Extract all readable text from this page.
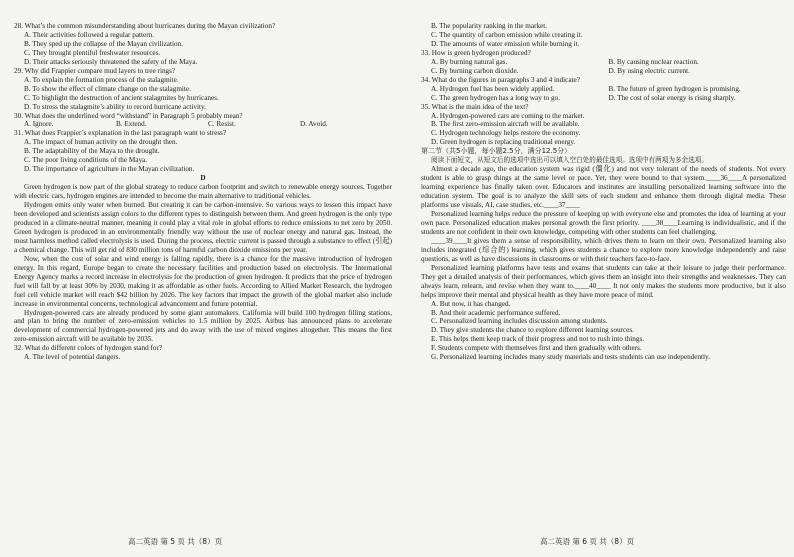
28. What’s the common misunderstanding about hurricanes during the Mayan civilization?
A. Their activities followed a regular pattern.
B. They sped up the collapse of the Mayan civilization.
C. They brought plentiful freshwater resources.
D. Their attacks seriously threatened the safety of the Maya.
29. Why did Frappier compare mud layers to tree rings?
A. To explain the formation process of the stalagmite.
B. To show the effect of climate change on the stalagmite.
C. To highlight the destruction of ancient stalagmites by hurricanes.
D. To stress the stalagmite’s ability to record hurricane activity.
30. What does the underlined word “withstand” in Paragraph 5 probably mean?
A. Ignore.	B. Extend.	C. Resist.	D. Avoid.
31. What does Frappier’s explanation in the last paragraph want to stress?
A. The impact of human activity on the drought then.
B. The adaptability of the Maya to the drought.
C. The poor living conditions of the Maya.
D. The importance of agriculture in the Mayan civilization.
D
Green hydrogen is now part of the global strategy to reduce carbon footprint and switch to renewable energy sources. Together with electric cars, hydrogen engines are intended to become the main alternative to traditional vehicles.
Hydrogen emits only water when burned. But creating it can be carbon-intensive. So various ways to lessen this impact have been developed and scientists assign colors to the different types to distinguish between them. And green hydrogen is the only type produced in a climate-neutral manner, meaning it could play a vital role in global efforts to reduce emissions to net zero by 2050. Green hydrogen is produced in an environmentally friendly way without the use of nuclear energy and natural gas. Instead, the most harmless method called electrolysis is used. During the process, electric current is passed through a substance to effect (引起) a chemical change. This will get rid of 830 million tons of harmful carbon dioxide emissions per year.
Now, when the cost of solar and wind energy is falling rapidly, there is a chance for the massive introduction of hydrogen energy. In this regard, Europe began to create the necessary facilities and production based on electrolysis. The International Energy Agency marks a record increase in electrolysis for the production of green hydrogen. It predicts that the price of hydrogen fuel will fall by at least 30% by 2030, making it as affordable as other fuels. According to Allied Market Research, the hydrogen fuel cell vehicle market will reach $42 billion by 2026. The key factors that impact the growth of the global market also include increase in environmental concerns, technological advancement and future potential.
Hydrogen-powered cars are already produced by some giant automakers. California will build 100 hydrogen filling stations, and plan to bring the number of zero-emission vehicles to 1.5 million by 2025. Airbus has announced plans to accelerate development of commercial hydrogen-powered jets and do away with the use of mixed engines altogether. This means the first zero-emission aircraft will be available by 2035.
32. What do different colors of hydrogen stand for?
A. The level of potential dangers.
B. The popularity ranking in the market.
C. The quantity of carbon emission while creating it.
D. The amounts of water emission while burning it.
33. How is green hydrogen produced?
A. By burning natural gas.	B. By causing nuclear reaction.
C. By burning carbon dioxide.	D. By using electric current.
34. What do the figures in paragraphs 3 and 4 indicate?
A. Hydrogen fuel has been widely applied.	B. The future of green hydrogen is promising.
C. The green hydrogen has a long way to go.	D. The cost of solar energy is rising sharply.
35. What is the main idea of the text?
A. Hydrogen-powered cars are coming to the market.
B. The first zero-emission aircraft will be available.
C. Hydrogen technology helps restore the economy.
D. Green hydrogen is replacing traditional energy.
第二节（共5小题，每小题2.5分，满分12.5分）
阅读下面短文，从短文后的选项中选出可以填入空白处的最佳选项。选项中有两项为多余选项。
Almost a decade ago, the education system was rigid (僵化) and not very tolerant of the needs of students. Not every student is able to grasp things at the same level or pace. Yet, they were bound to that system.____36____A personalized learning experience has finally taken over. Educators and institutes are installing personalized learning software into the education system. The goal is to analyze the skill sets of each student and enhance them through digital media. These platforms use visuals, AI, case studies, etc.____37____
Personalized learning helps reduce the pressure of keeping up with everyone else and promotes the idea of learning at your own pace. Personalized education makes personal growth the first priority. ____38____Learning is individualistic, and if the students are not confident in their own knowledge, competing with other students can feel challenging.
____39____It gives them a sense of responsibility, which drives them to learn on their own. Personalized learning also includes integrated (综合的) learning, which gives students a chance to explore more knowledge independently and raise questions, as well as have discussions in classrooms or with their teachers face-to-face.
Personalized learning platforms have tests and exams that students can take at their leisure to judge their performance. They get a detailed analysis of their performances, which gives them an insight into their strengths and weaknesses. They can always learn, relearn, and revise when they want to.____40____ It not only makes the students more productive, but it also helps improve their mental and physical health as they have more peace of mind.
A. But now, it has changed.
B. And their academic performance suffered.
C. Personalized learning includes discussion among students.
D. They give students the chance to explore different learning sources.
E. This helps them keep track of their progress and not to rush into things.
F. Students compete with themselves first and then gradually with others.
G. Personalized learning includes many study materials and tests students can use independently.
高二英语 第 5 页 共（8）页	高二英语 第 6 页 共（8）页
